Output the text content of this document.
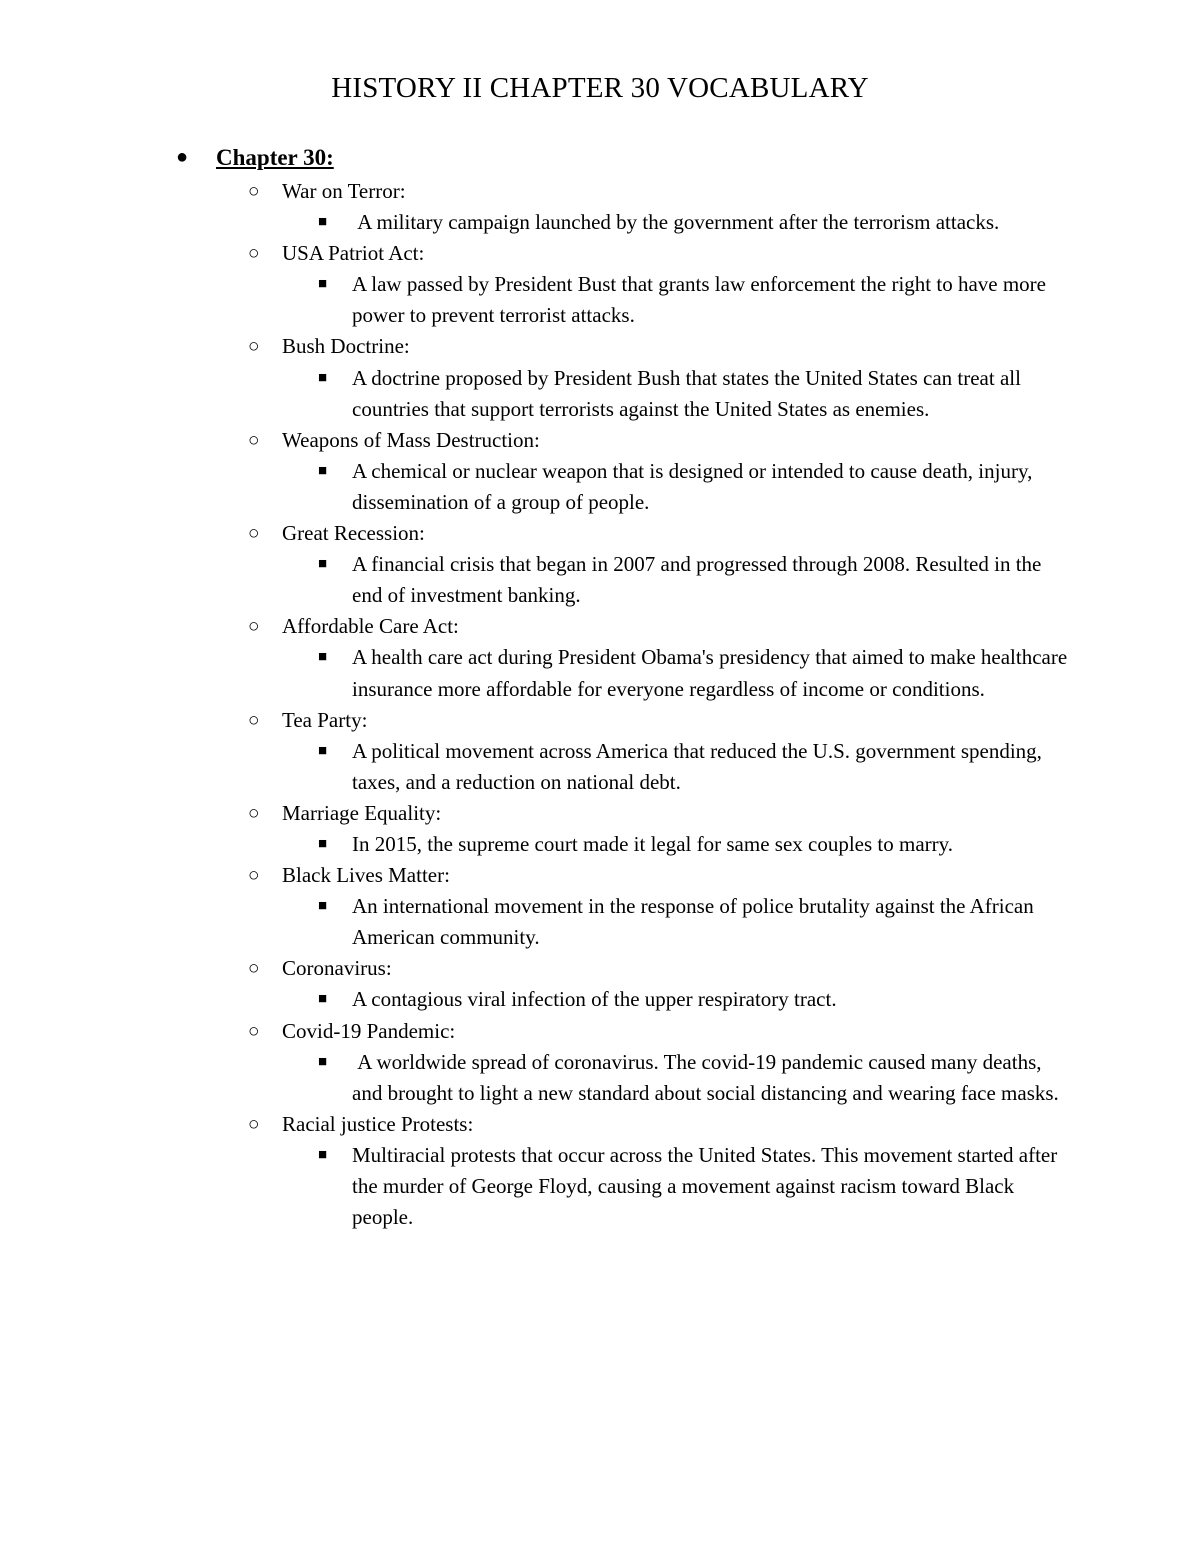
HISTORY II CHAPTER 30 VOCABULARY
●	Chapter 30:
○ War on Terror:
■ A military campaign launched by the government after the terrorism attacks.
○ USA Patriot Act:
■ A law passed by President Bust that grants law enforcement the right to have more power to prevent terrorist attacks.
○ Bush Doctrine:
■ A doctrine proposed by President Bush that states the United States can treat all countries that support terrorists against the United States as enemies.
○ Weapons of Mass Destruction:
■ A chemical or nuclear weapon that is designed or intended to cause death, injury, dissemination of a group of people.
○ Great Recession:
■ A financial crisis that began in 2007 and progressed through 2008. Resulted in the end of investment banking.
○ Affordable Care Act:
■ A health care act during President Obama's presidency that aimed to make healthcare insurance more affordable for everyone regardless of income or conditions.
○ Tea Party:
■ A political movement across America that reduced the U.S. government spending, taxes, and a reduction on national debt.
○ Marriage Equality:
■ In 2015, the supreme court made it legal for same sex couples to marry.
○ Black Lives Matter:
■ An international movement in the response of police brutality against the African American community.
○ Coronavirus:
■ A contagious viral infection of the upper respiratory tract.
○ Covid-19 Pandemic:
■ A worldwide spread of coronavirus. The covid-19 pandemic caused many deaths, and brought to light a new standard about social distancing and wearing face masks.
○ Racial justice Protests:
■ Multiracial protests that occur across the United States. This movement started after the murder of George Floyd, causing a movement against racism toward Black people.
